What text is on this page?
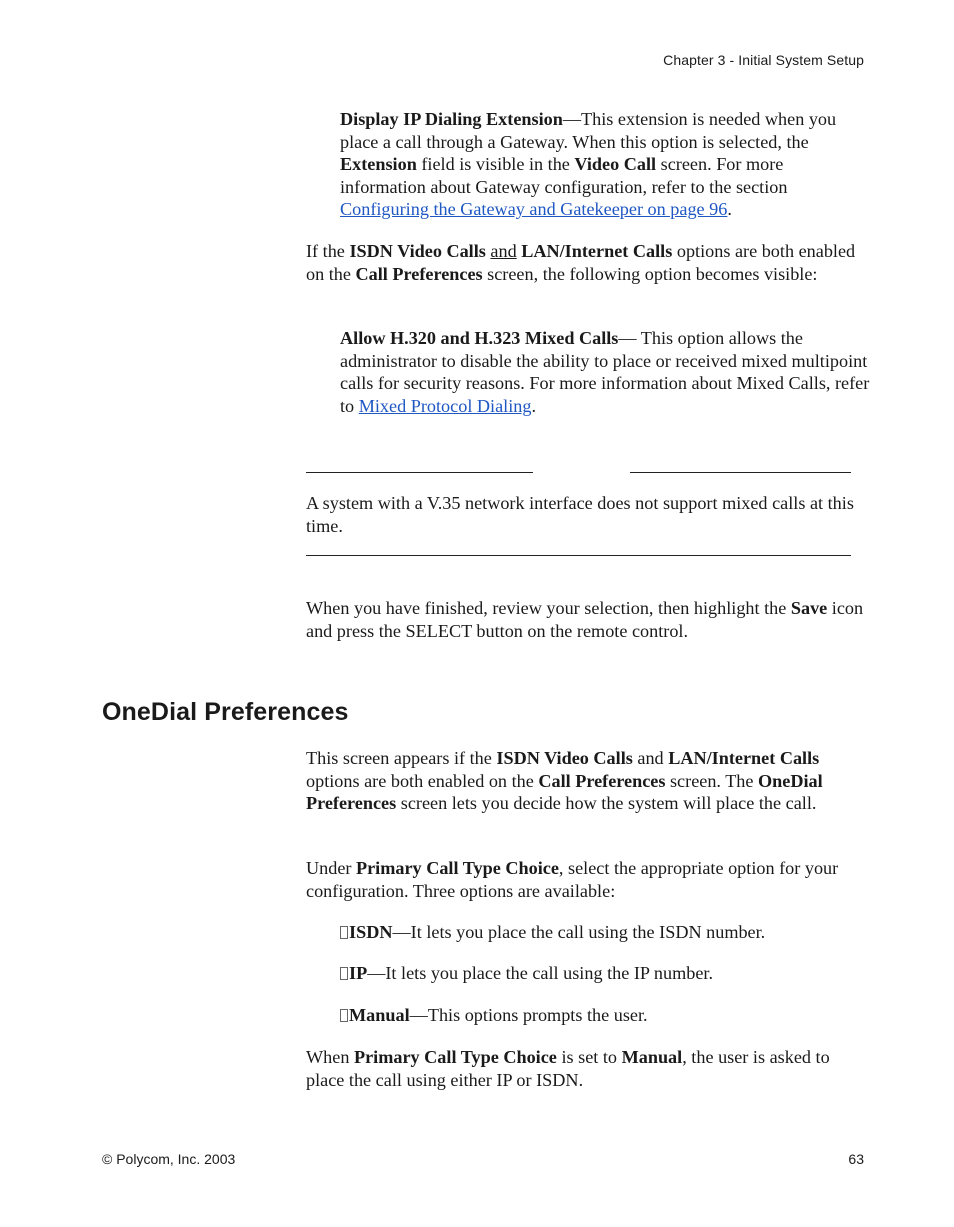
Chapter 3 - Initial System Setup

Display IP Dialing Extension—This extension is needed when you place a call through a Gateway. When this option is selected, the Extension field is visible in the Video Call screen. For more information about Gateway configuration, refer to the section Configuring the Gateway and Gatekeeper on page 96.

If the ISDN Video Calls and LAN/Internet Calls options are both enabled on the Call Preferences screen, the following option becomes visible:

Allow H.320 and H.323 Mixed Calls— This option allows the administrator to disable the ability to place or received mixed multipoint calls for security reasons. For more information about Mixed Calls, refer to Mixed Protocol Dialing.

A system with a V.35 network interface does not support mixed calls at this time.

When you have finished, review your selection, then highlight the Save icon and press the SELECT button on the remote control.

OneDial Preferences

This screen appears if the ISDN Video Calls and LAN/Internet Calls options are both enabled on the Call Preferences screen. The OneDial Preferences screen lets you decide how the system will place the call.

Under Primary Call Type Choice, select the appropriate option for your configuration. Three options are available:

ISDN—It lets you place the call using the ISDN number.

IP—It lets you place the call using the IP number.

Manual—This options prompts the user.

When Primary Call Type Choice is set to Manual, the user is asked to place the call using either IP or ISDN.

© Polycom, Inc. 2003	63
